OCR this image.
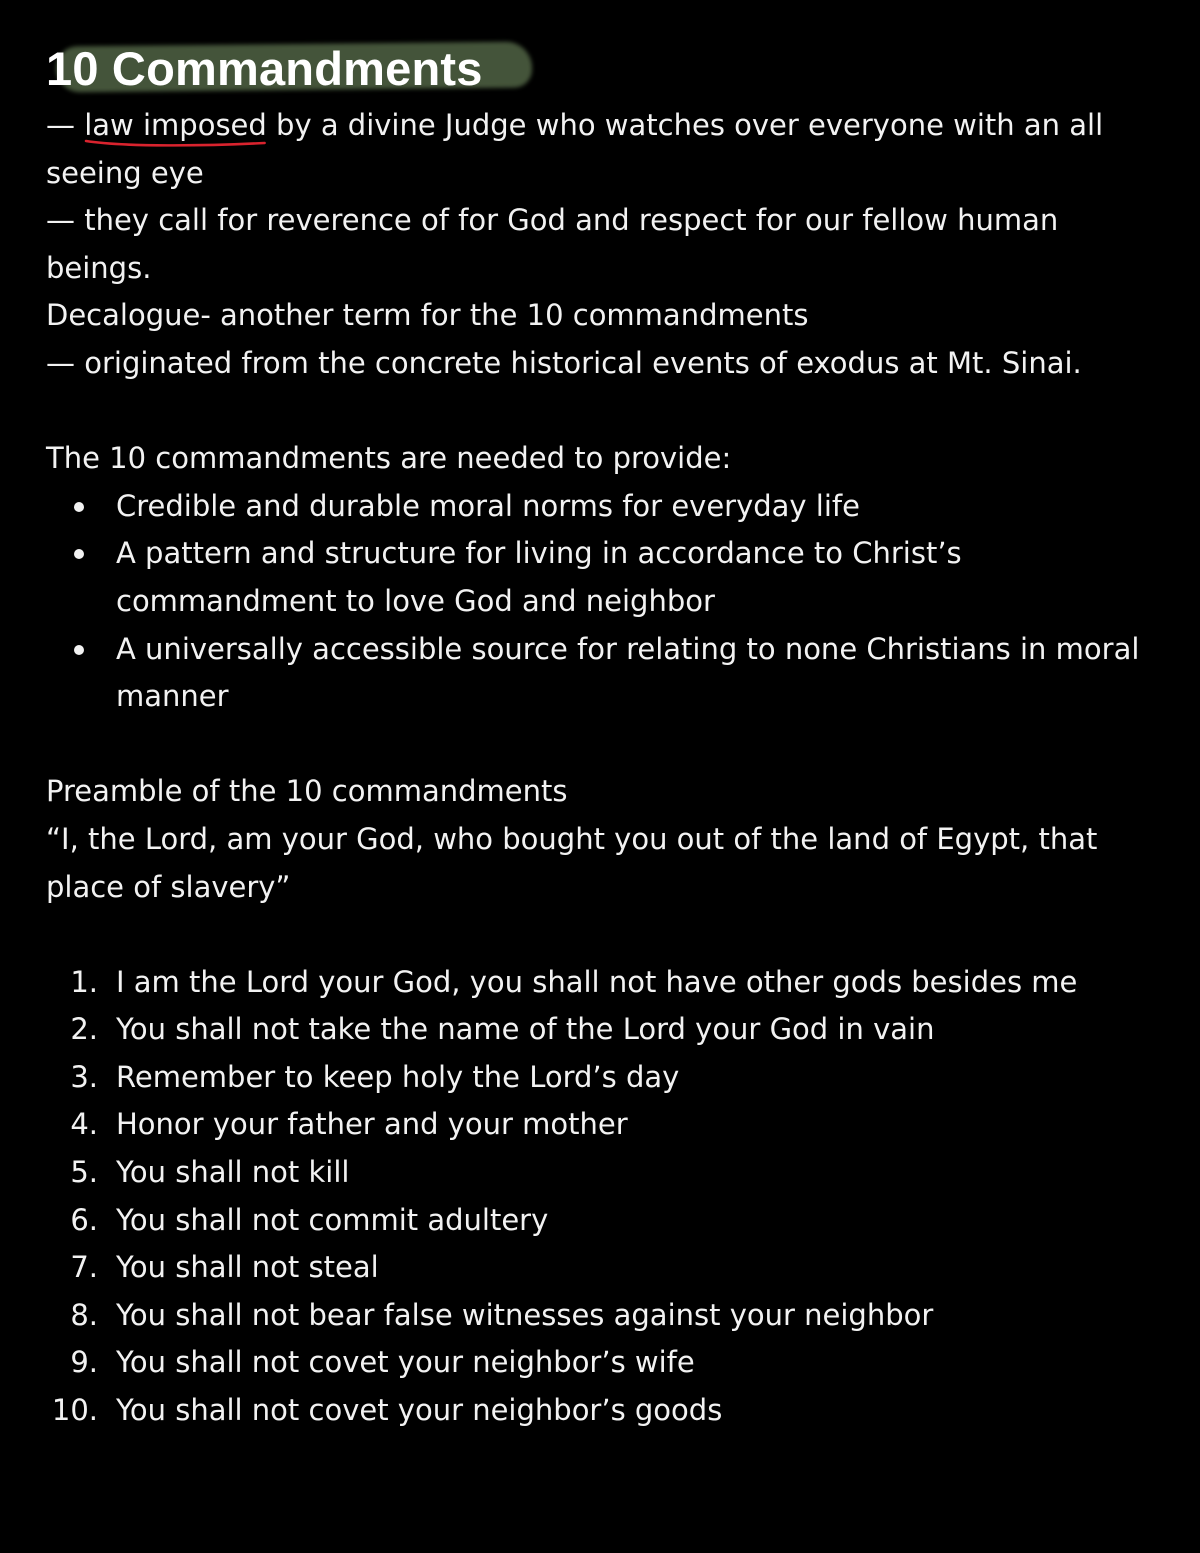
10 Commandments
— law imposed
by a divine Judge who watches over everyone with an all seeing eye
— they call for reverence of for God and respect for our fellow human beings.
Decalogue- another term for the 10 commandments
— originated from the concrete historical events of exodus at Mt. Sinai.
The 10 commandments are needed to provide:
Credible and durable moral norms for everyday life
A pattern and structure for living in accordance to Christ’s commandment to love God and neighbor
A universally accessible source for relating to none Christians in moral manner
Preamble of the 10 commandments
“I, the Lord, am your God, who bought you out of the land of Egypt, that place of slavery”
1. I am the Lord your God, you shall not have other gods besides me
2. You shall not take the name of the Lord your God in vain
3. Remember to keep holy the Lord’s day
4. Honor your father and your mother
5. You shall not kill
6. You shall not commit adultery
7. You shall not steal
8. You shall not bear false witnesses against your neighbor
9. You shall not covet your neighbor’s wife
10. You shall not covet your neighbor’s goods
